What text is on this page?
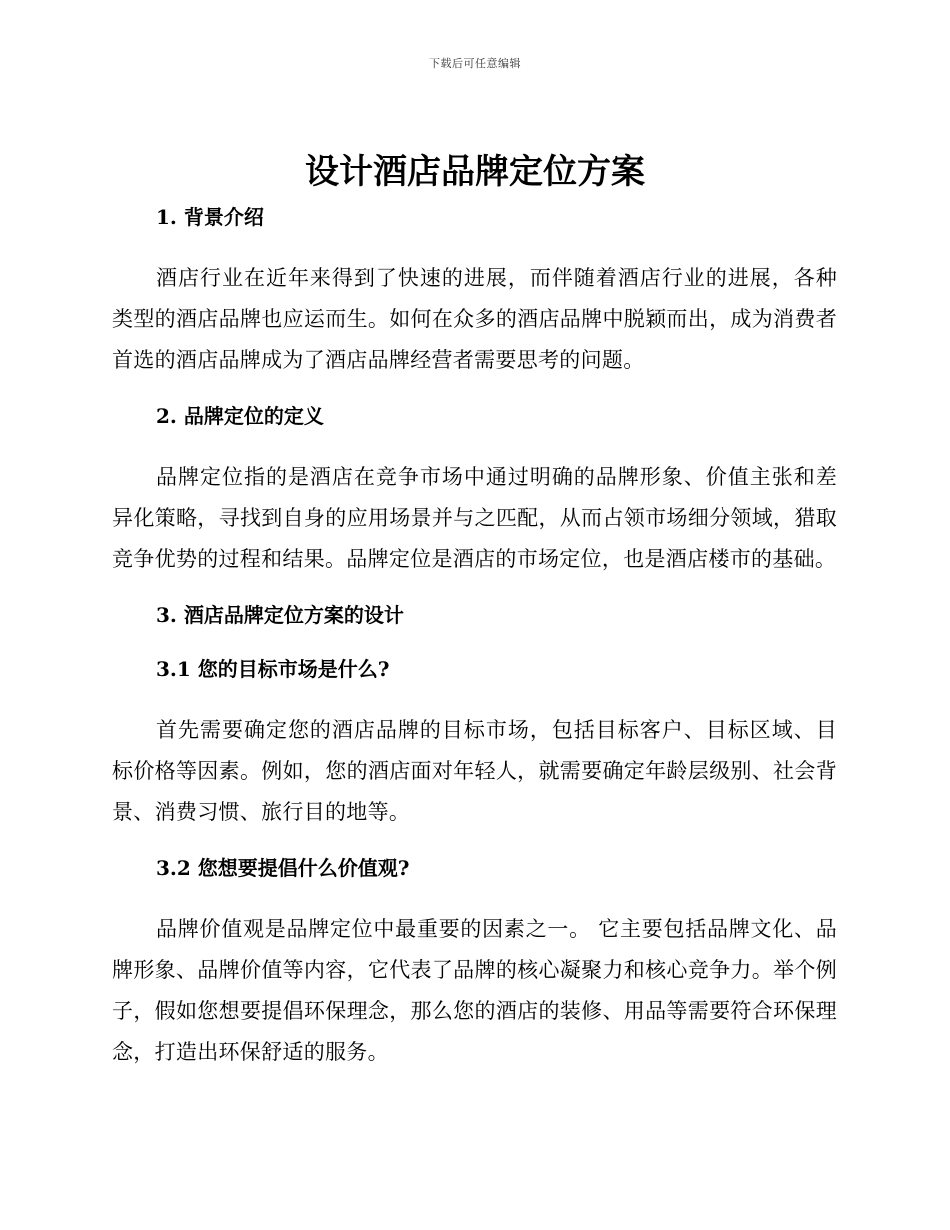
下载后可任意编辑
设计酒店品牌定位方案
1. 背景介绍

酒店行业在近年来得到了快速的进展，而伴随着酒店行业的进展，各种类型的酒店品牌也应运而生。如何在众多的酒店品牌中脱颖而出，成为消费者首选的酒店品牌成为了酒店品牌经营者需要思考的问题。

2. 品牌定位的定义

品牌定位指的是酒店在竞争市场中通过明确的品牌形象、价值主张和差异化策略，寻找到自身的应用场景并与之匹配，从而占领市场细分领域，猎取竞争优势的过程和结果。品牌定位是酒店的市场定位，也是酒店楼市的基础。

3. 酒店品牌定位方案的设计
3.1 您的目标市场是什么?

首先需要确定您的酒店品牌的目标市场，包括目标客户、目标区域、目标价格等因素。例如，您的酒店面对年轻人，就需要确定年龄层级别、社会背景、消费习惯、旅行目的地等。

3.2 您想要提倡什么价值观?

品牌价值观是品牌定位中最重要的因素之一。 它主要包括品牌文化、品牌形象、品牌价值等内容，它代表了品牌的核心凝聚力和核心竞争力。举个例子，假如您想要提倡环保理念，那么您的酒店的装修、用品等需要符合环保理念，打造出环保舒适的服务。
